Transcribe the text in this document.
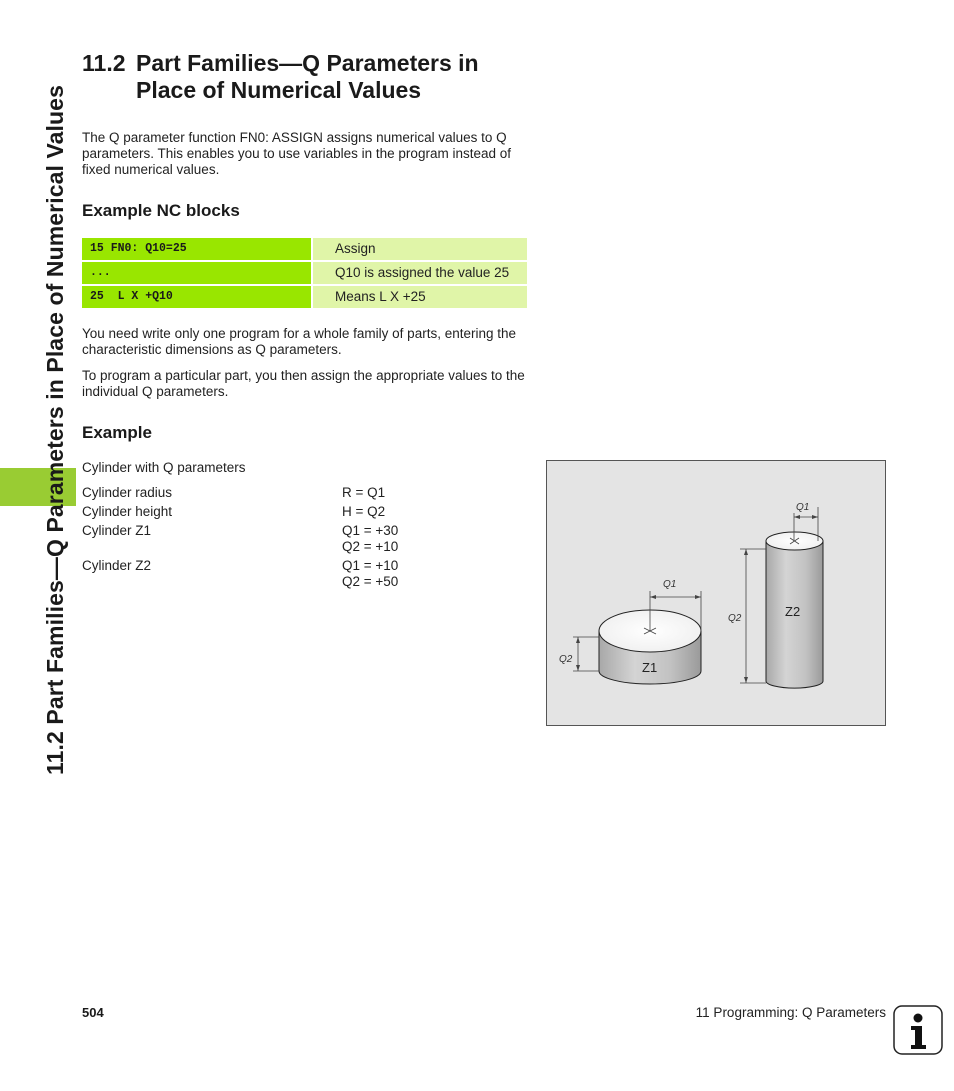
11.2 Part Families—Q Parameters in Place of Numerical Values
11.2 Part Families—Q Parameters in
Place of Numerical Values

The Q parameter function FN0: ASSIGN assigns numerical values to Q parameters. This enables you to use variables in the program instead of fixed numerical values.

Example NC blocks
15 FN0: Q10=25	Assign
...	Q10 is assigned the value 25
25  L X +Q10	Means L X +25

You need write only one program for a whole family of parts, entering the characteristic dimensions as Q parameters.

To program a particular part, you then assign the appropriate values to the individual Q parameters.

Example

Cylinder with Q parameters

Cylinder radius	R = Q1
Cylinder height	H = Q2
Cylinder Z1	Q1 = +30
Q2 = +10
Cylinder Z2	Q1 = +10
Q2 = +50
Z1
Z2
Q1
Q2
Q1
Q2
504	11 Programming: Q Parameters
